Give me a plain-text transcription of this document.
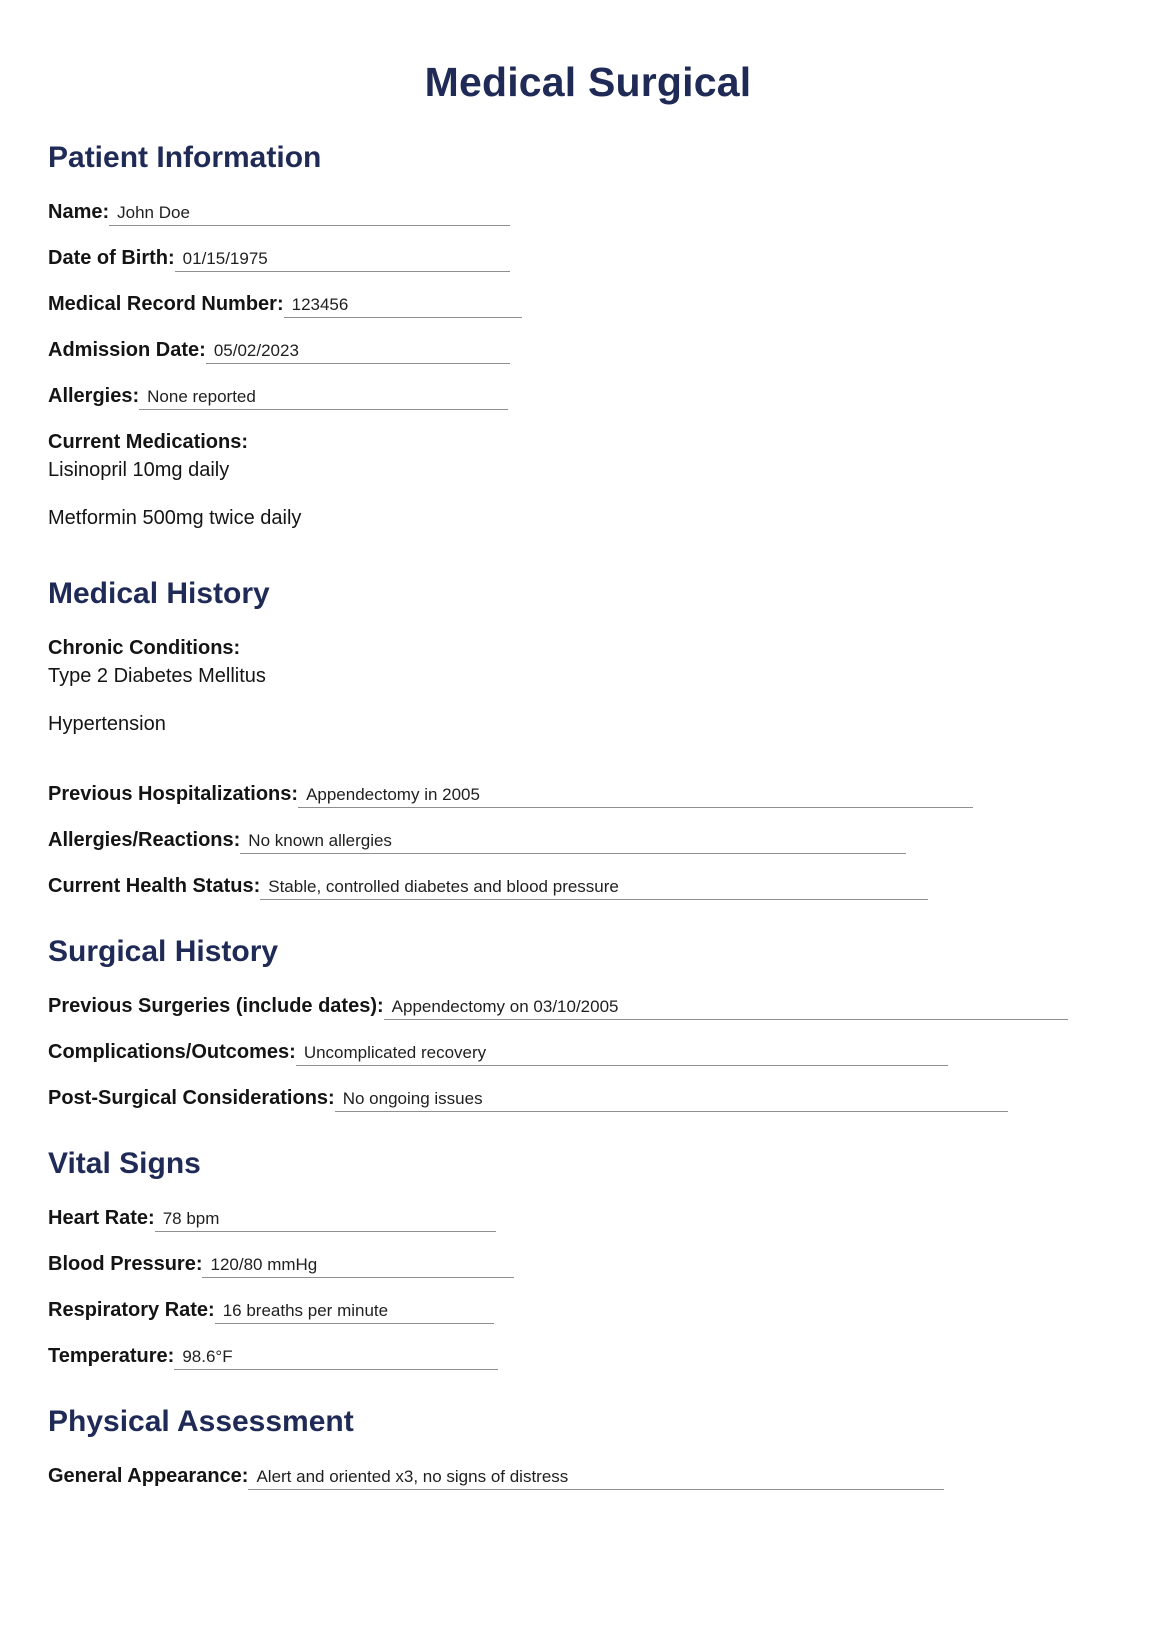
Medical Surgical
Patient Information
Name: John Doe
Date of Birth: 01/15/1975
Medical Record Number: 123456
Admission Date: 05/02/2023
Allergies: None reported
Current Medications:

Lisinopril 10mg daily

Metformin 500mg twice daily

Medical History
Chronic Conditions:

Type 2 Diabetes Mellitus

Hypertension

Previous Hospitalizations: Appendectomy in 2005
Allergies/Reactions: No known allergies
Current Health Status: Stable, controlled diabetes and blood pressure
Surgical History
Previous Surgeries (include dates): Appendectomy on 03/10/2005
Complications/Outcomes: Uncomplicated recovery
Post-Surgical Considerations: No ongoing issues
Vital Signs
Heart Rate: 78 bpm
Blood Pressure: 120/80 mmHg
Respiratory Rate: 16 breaths per minute
Temperature: 98.6°F
Physical Assessment
General Appearance: Alert and oriented x3, no signs of distress
